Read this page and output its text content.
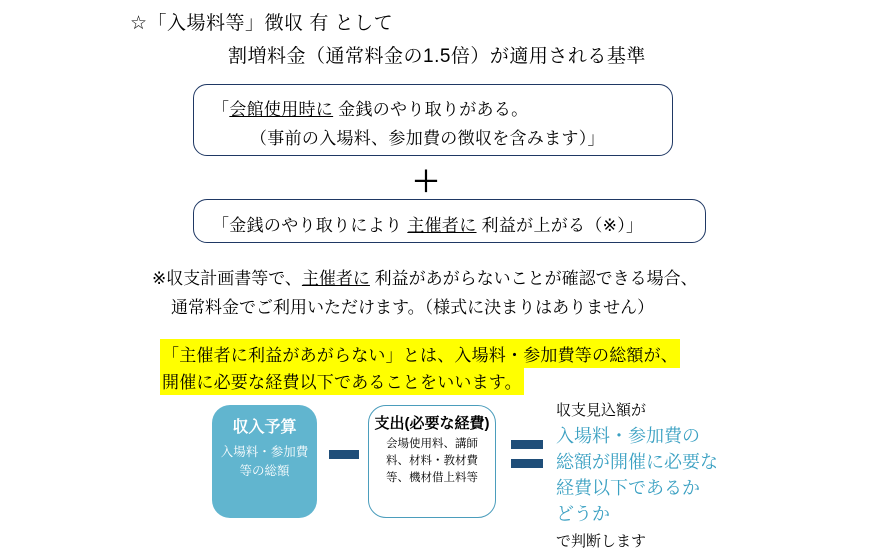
☆「入場料等」徴収 有 として
割増料金（通常料金の1.5倍）が適用される基準
「会館使用時に 金銭のやり取りがある。
（事前の入場料、参加費の徴収を含みます）」
＋
「金銭のやり取りにより 主催者に 利益が上がる（※）」
※収支計画書等で、主催者に 利益があがらないことが確認できる場合、
通常料金でご利用いただけます。（様式に決まりはありません）
「主催者に利益があがらない」とは、入場料・参加費等の総額が、
開催に必要な経費以下であることをいいます。
収入予算
入場料・参加費
等の総額
支出(必要な経費)
会場使用料、講師
料、材料・教材費
等、機材借上料等
収支見込額が
入場料・参加費の
総額が開催に必要な
経費以下であるか
どうか
で判断します
